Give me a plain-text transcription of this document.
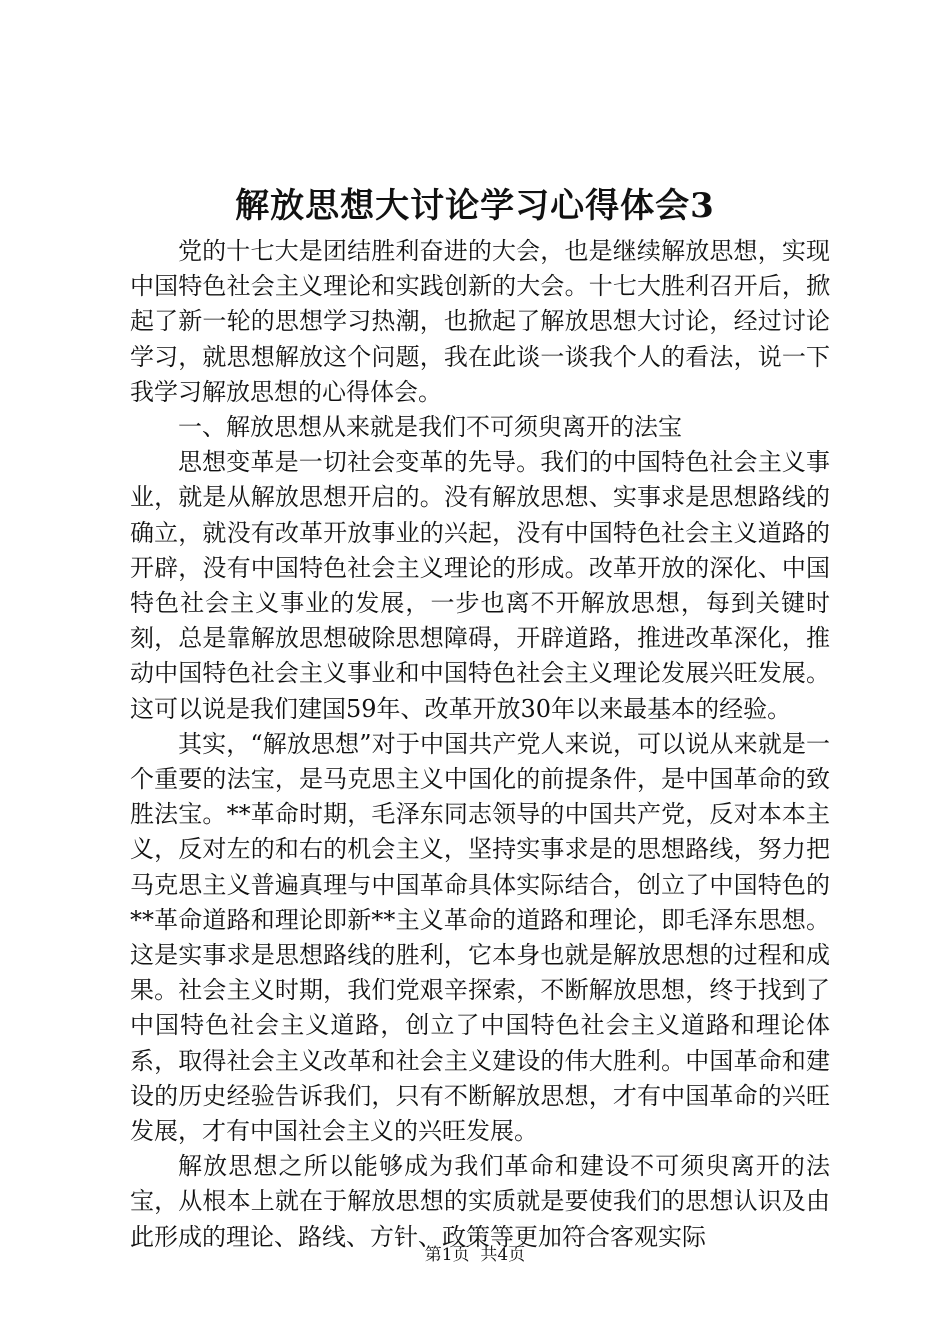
解放思想大讨论学习心得体会3

党的十七大是团结胜利奋进的大会，也是继续解放思想，实现中国特色社会主义理论和实践创新的大会。十七大胜利召开后，掀起了新一轮的思想学习热潮，也掀起了解放思想大讨论，经过讨论学习，就思想解放这个问题，我在此谈一谈我个人的看法，说一下我学习解放思想的心得体会。

一、解放思想从来就是我们不可须臾离开的法宝

思想变革是一切社会变革的先导。我们的中国特色社会主义事业，就是从解放思想开启的。没有解放思想、实事求是思想路线的确立，就没有改革开放事业的兴起，没有中国特色社会主义道路的开辟，没有中国特色社会主义理论的形成。改革开放的深化、中国特色社会主义事业的发展，一步也离不开解放思想，每到关键时刻，总是靠解放思想破除思想障碍，开辟道路，推进改革深化，推动中国特色社会主义事业和中国特色社会主义理论发展兴旺发展。这可以说是我们建国59年、改革开放30年以来最基本的经验。

其实，“解放思想”对于中国共产党人来说，可以说从来就是一个重要的法宝，是马克思主义中国化的前提条件，是中国革命的致胜法宝。**革命时期，毛泽东同志领导的中国共产党，反对本本主义，反对左的和右的机会主义，坚持实事求是的思想路线，努力把马克思主义普遍真理与中国革命具体实际结合，创立了中国特色的**革命道路和理论即新**主义革命的道路和理论，即毛泽东思想。这是实事求是思想路线的胜利，它本身也就是解放思想的过程和成果。社会主义时期，我们党艰辛探索，不断解放思想，终于找到了中国特色社会主义道路，创立了中国特色社会主义道路和理论体系，取得社会主义改革和社会主义建设的伟大胜利。中国革命和建设的历史经验告诉我们，只有不断解放思想，才有中国革命的兴旺发展，才有中国社会主义的兴旺发展。

解放思想之所以能够成为我们革命和建设不可须臾离开的法宝，从根本上就在于解放思想的实质就是要使我们的思想认识及由此形成的理论、路线、方针、政策等更加符合客观实际

第1页  共4页
